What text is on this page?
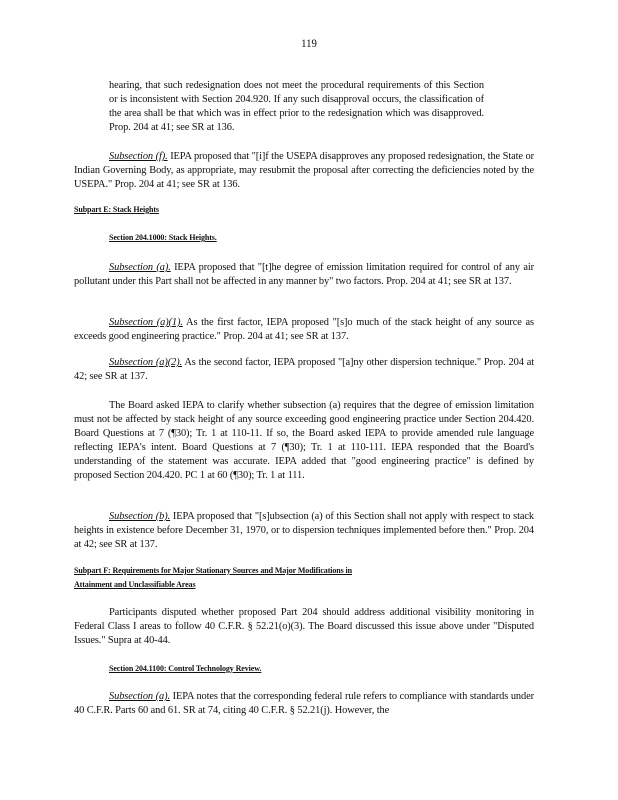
119
hearing, that such redesignation does not meet the procedural requirements of this Section or is inconsistent with Section 204.920. If any such disapproval occurs, the classification of the area shall be that which was in effect prior to the redesignation which was disapproved. Prop. 204 at 41; see SR at 136.
Subsection (f). IEPA proposed that "[i]f the USEPA disapproves any proposed redesignation, the State or Indian Governing Body, as appropriate, may resubmit the proposal after correcting the deficiencies noted by the USEPA." Prop. 204 at 41; see SR at 136.
Subpart E: Stack Heights
Section 204.1000: Stack Heights.
Subsection (a). IEPA proposed that "[t]he degree of emission limitation required for control of any air pollutant under this Part shall not be affected in any manner by" two factors. Prop. 204 at 41; see SR at 137.
Subsection (a)(1). As the first factor, IEPA proposed "[s]o much of the stack height of any source as exceeds good engineering practice." Prop. 204 at 41; see SR at 137.
Subsection (a)(2). As the second factor, IEPA proposed "[a]ny other dispersion technique." Prop. 204 at 42; see SR at 137.
The Board asked IEPA to clarify whether subsection (a) requires that the degree of emission limitation must not be affected by stack height of any source exceeding good engineering practice under Section 204.420. Board Questions at 7 (¶30); Tr. 1 at 110-11. If so, the Board asked IEPA to provide amended rule language reflecting IEPA's intent. Board Questions at 7 (¶30); Tr. 1 at 110-111. IEPA responded that the Board's understanding of the statement was accurate. IEPA added that "good engineering practice" is defined by proposed Section 204.420. PC 1 at 60 (¶30); Tr. 1 at 111.
Subsection (b). IEPA proposed that "[s]ubsection (a) of this Section shall not apply with respect to stack heights in existence before December 31, 1970, or to dispersion techniques implemented before then." Prop. 204 at 42; see SR at 137.
Subpart F: Requirements for Major Stationary Sources and Major Modifications in
Attainment and Unclassifiable Areas
Participants disputed whether proposed Part 204 should address additional visibility monitoring in Federal Class I areas to follow 40 C.F.R. § 52.21(o)(3). The Board discussed this issue above under "Disputed Issues." Supra at 40-44.
Section 204.1100: Control Technology Review.
Subsection (a). IEPA notes that the corresponding federal rule refers to compliance with standards under 40 C.F.R. Parts 60 and 61. SR at 74, citing 40 C.F.R. § 52.21(j). However, the
